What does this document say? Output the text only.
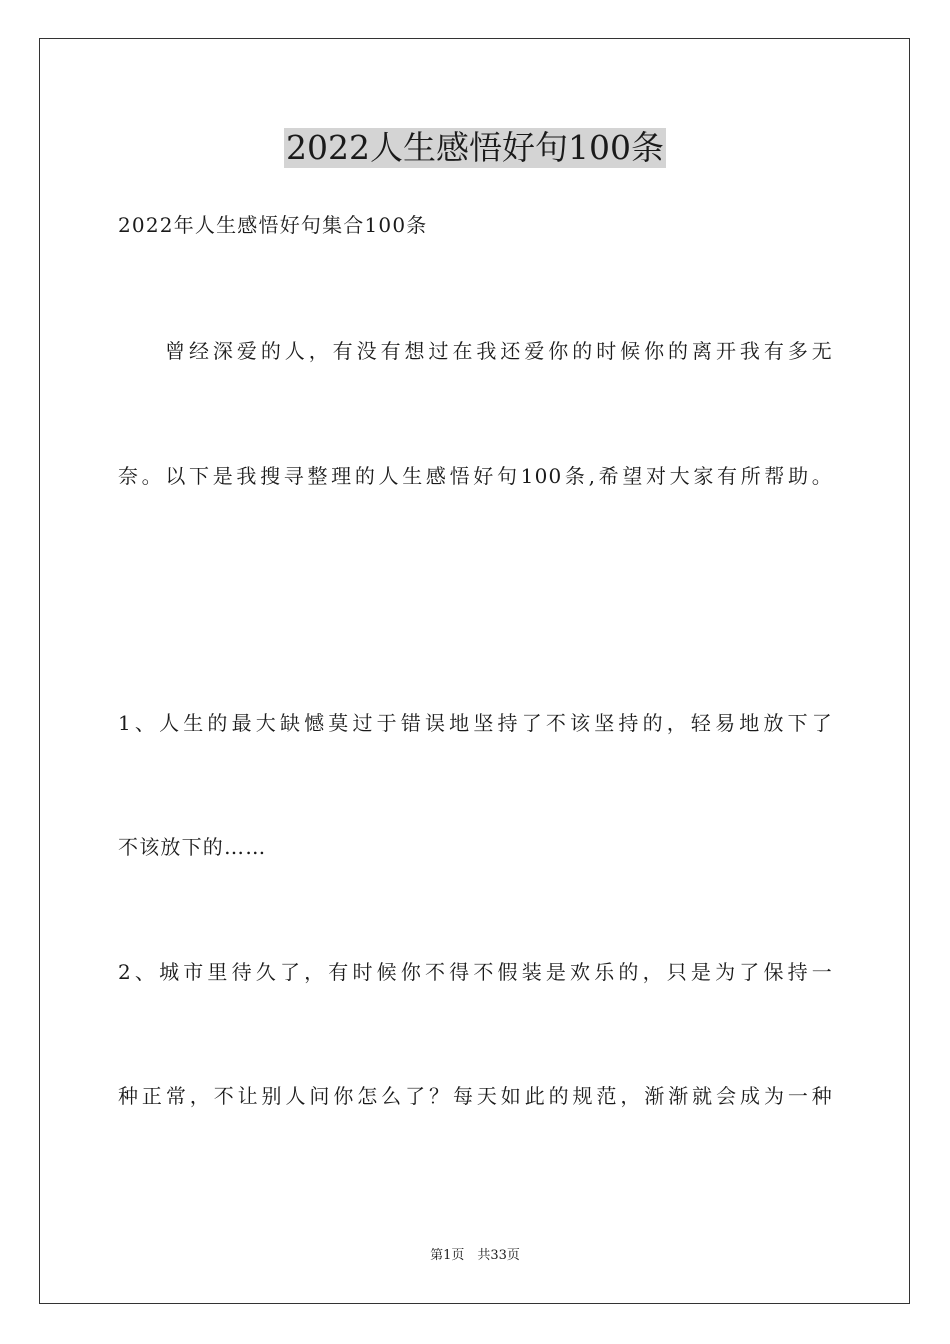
2022人生感悟好句100条
2022年人生感悟好句集合100条
曾经深爱的人，有没有想过在我还爱你的时候你的离开我有多无
奈。以下是我搜寻整理的人生感悟好句100条,希望对大家有所帮助。
1、人生的最大缺憾莫过于错误地坚持了不该坚持的，轻易地放下了
不该放下的……
2、城市里待久了，有时候你不得不假装是欢乐的，只是为了保持一
种正常，不让别人问你怎么了？每天如此的规范，渐渐就会成为一种
第1页　共33页
